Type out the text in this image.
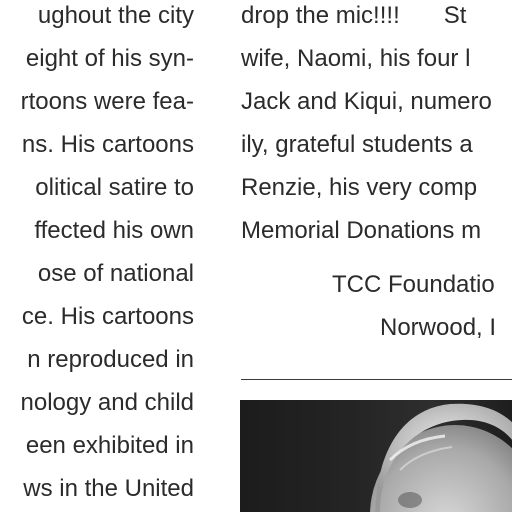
ughout the city
eight of his syn-
rtoons were fea-
ns. His cartoons
olitical satire to
ffected his own
ose of national
ce. His cartoons
n reproduced in
nology and child
een exhibited in
ws in the United
drop the mic!!!! St
wife, Naomi, his four l
Jack and Kiqui, numero
ily, grateful students a
Renzie, his very comp
Memorial Donations m
TCC Foundatio
Norwood, I
